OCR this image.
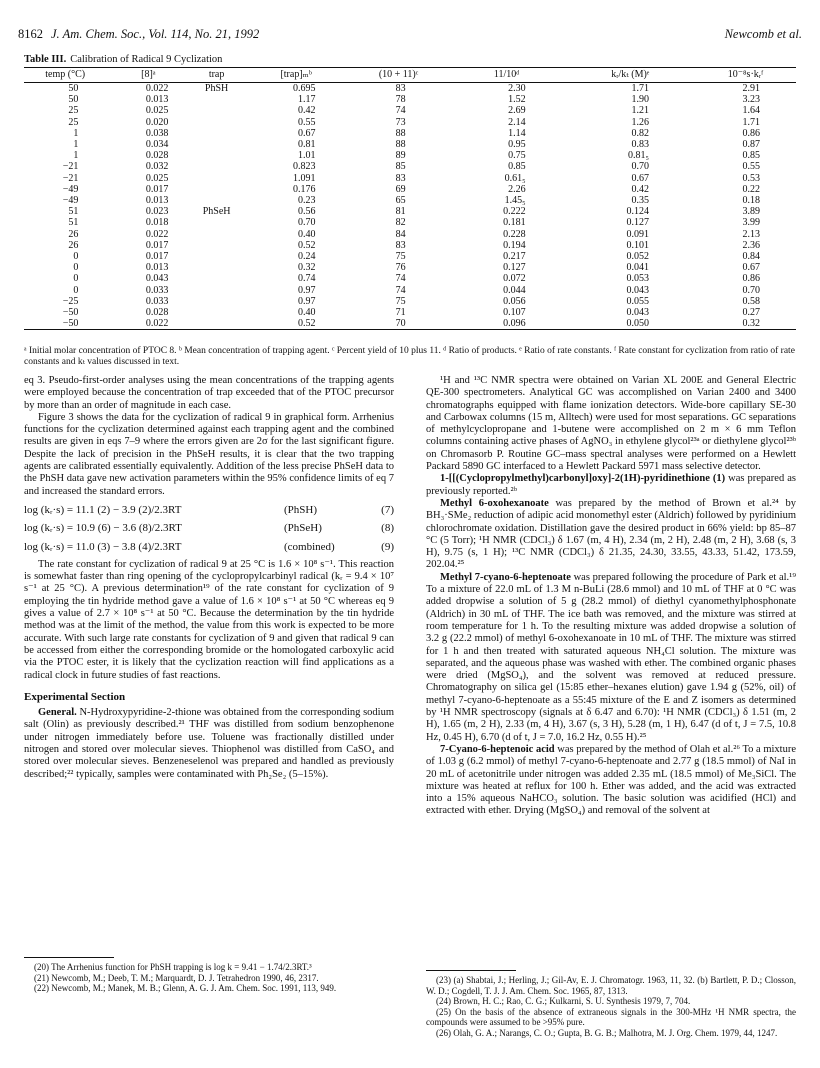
8162 J. Am. Chem. Soc., Vol. 114, No. 21, 1992	Newcomb et al.
Table III. Calibration of Radical 9 Cyclization
temp (°C)	[8]ᵃ	trap	[trap]ₘᵇ	(10 + 11)ᶜ	11/10ᵈ	kᵣ/kₜ (M)ᵉ	10⁻⁸s·kᵣᶠ
50	0.022	PhSH	0.695	83	2.30	1.71	2.91
50	0.013		1.17	78	1.52	1.90	3.23
25	0.025		0.42	74	2.69	1.21	1.64
25	0.020		0.55	73	2.14	1.26	1.71
1	0.038		0.67	88	1.14	0.82	0.86
1	0.034		0.81	88	0.95	0.83	0.87
1	0.028		1.01	89	0.75	0.81₅	0.85
−21	0.032		0.823	85	0.85	0.70	0.55
−21	0.025		1.091	83	0.61₅	0.67	0.53
−49	0.017		0.176	69	2.26	0.42	0.22
−49	0.013		0.23	65	1.45₅	0.35	0.18
51	0.023	PhSeH	0.56	81	0.222	0.124	3.89
51	0.018		0.70	82	0.181	0.127	3.99
26	0.022		0.40	84	0.228	0.091	2.13
26	0.017		0.52	83	0.194	0.101	2.36
0	0.017		0.24	75	0.217	0.052	0.84
0	0.013		0.32	76	0.127	0.041	0.67
0	0.043		0.74	74	0.072	0.053	0.86
0	0.033		0.97	74	0.044	0.043	0.70
−25	0.033		0.97	75	0.056	0.055	0.58
−50	0.028		0.40	71	0.107	0.043	0.27
−50	0.022		0.52	70	0.096	0.050	0.32
ᵃ Initial molar concentration of PTOC 8. ᵇ Mean concentration of trapping agent. ᶜ Percent yield of 10 plus 11. ᵈ Ratio of products. ᵉ Ratio of rate constants. ᶠ Rate constant for cyclization from ratio of rate constants and kₜ values discussed in text.

eq 3. Pseudo-first-order analyses using the mean concentrations of the trapping agents were employed because the concentration of trap exceeded that of the PTOC precursor by more than an order of magnitude in each case.

Figure 3 shows the data for the cyclization of radical 9 in graphical form. Arrhenius functions for the cyclization determined against each trapping agent and the combined results are given in eqs 7–9 where the errors given are 2σ for the last significant figure. Despite the lack of precision in the PhSeH results, it is clear that the two trapping agents are calibrated essentially equivalently. Addition of the less precise PhSeH data to the PhSH data gave new activation parameters within the 95% confidence limits of eq 7 and increased the standard errors.

log (kᵣ·s) = 11.1 (2) − 3.9 (2)/2.3RT	(PhSH)	(7)
log (kᵣ·s) = 10.9 (6) − 3.6 (8)/2.3RT	(PhSeH)	(8)
log (kᵣ·s) = 11.0 (3) − 3.8 (4)/2.3RT	(combined)	(9)

The rate constant for cyclization of radical 9 at 25 °C is 1.6 × 10⁸ s⁻¹. This reaction is somewhat faster than ring opening of the cyclopropylcarbinyl radical (kᵣ = 9.4 × 10⁷ s⁻¹ at 25 °C). A previous determination¹⁹ of the rate constant for cyclization of 9 employing the tin hydride method gave a value of 1.6 × 10⁸ s⁻¹ at 50 °C whereas eq 9 gives a value of 2.7 × 10⁸ s⁻¹ at 50 °C. Because the determination by the tin hydride method was at the limit of the method, the value from this work is expected to be more accurate. With such large rate constants for cyclization of 9 and given that radical 9 can be accessed from either the corresponding bromide or the homologated carboxylic acid via the PTOC ester, it is likely that the cyclization reaction will find applications as a radical clock in future studies of fast reactions.

Experimental Section

General. N-Hydroxypyridine-2-thione was obtained from the corresponding sodium salt (Olin) as previously described.²¹ THF was distilled from sodium benzophenone under nitrogen immediately before use. Toluene was fractionally distilled under nitrogen and stored over molecular sieves. Thiophenol was distilled from CaSO₄ and stored over molecular sieves. Benzeneselenol was prepared and handled as previously described;²² typically, samples were contaminated with Ph₂Se₂ (5–15%).

(20) The Arrhenius function for PhSH trapping is log k = 9.41 − 1.74/2.3RT.³

(21) Newcomb, M.; Deeb, T. M.; Marquardt, D. J. Tetrahedron 1990, 46, 2317.

(22) Newcomb, M.; Manek, M. B.; Glenn, A. G. J. Am. Chem. Soc. 1991, 113, 949.

¹H and ¹³C NMR spectra were obtained on Varian XL 200E and General Electric QE-300 spectrometers. Analytical GC was accomplished on Varian 2400 and 3400 chromatographs equipped with flame ionization detectors. Wide-bore capillary SE-30 and Carbowax columns (15 m, Alltech) were used for most separations. GC separations of methylcyclopropane and 1-butene were accomplished on 2 m × 6 mm Teflon columns containing active phases of AgNO₃ in ethylene glycol²³ᵃ or diethylene glycol²³ᵇ on Chromasorb P. Routine GC–mass spectral analyses were performed on a Hewlett Packard 5890 GC interfaced to a Hewlett Packard 5971 mass selective detector.

1-[[(Cyclopropylmethyl)carbonyl]oxy]-2(1H)-pyridinethione (1) was prepared as previously reported.²ᵇ

Methyl 6-oxohexanoate was prepared by the method of Brown et al.²⁴ by BH₃·SMe₂ reduction of adipic acid monomethyl ester (Aldrich) followed by pyridinium chlorochromate oxidation. Distillation gave the desired product in 66% yield: bp 85–87 °C (5 Torr); ¹H NMR (CDCl₃) δ 1.67 (m, 4 H), 2.34 (m, 2 H), 2.48 (m, 2 H), 3.68 (s, 3 H), 9.75 (s, 1 H); ¹³C NMR (CDCl₃) δ 21.35, 24.30, 33.55, 43.33, 51.42, 173.59, 202.04.²⁵

Methyl 7-cyano-6-heptenoate was prepared following the procedure of Park et al.¹⁹ To a mixture of 22.0 mL of 1.3 M n-BuLi (28.6 mmol) and 10 mL of THF at 0 °C was added dropwise a solution of 5 g (28.2 mmol) of diethyl cyanomethylphosphonate (Aldrich) in 30 mL of THF. The ice bath was removed, and the mixture was stirred at room temperature for 1 h. To the resulting mixture was added dropwise a solution of 3.2 g (22.2 mmol) of methyl 6-oxohexanoate in 10 mL of THF. The mixture was stirred for 1 h and then treated with saturated aqueous NH₄Cl solution. The mixture was separated, and the aqueous phase was washed with ether. The combined organic phases were dried (MgSO₄), and the solvent was removed at reduced pressure. Chromatography on silica gel (15:85 ether–hexanes elution) gave 1.94 g (52%, oil) of methyl 7-cyano-6-heptenoate as a 55:45 mixture of the E and Z isomers as determined by ¹H NMR spectroscopy (signals at δ 6.47 and 6.70): ¹H NMR (CDCl₃) δ 1.51 (m, 2 H), 1.65 (m, 2 H), 2.33 (m, 4 H), 3.67 (s, 3 H), 5.28 (m, 1 H), 6.47 (d of t, J = 7.5, 10.8 Hz, 0.45 H), 6.70 (d of t, J = 7.0, 16.2 Hz, 0.55 H).²⁵

7-Cyano-6-heptenoic acid was prepared by the method of Olah et al.²⁶ To a mixture of 1.03 g (6.2 mmol) of methyl 7-cyano-6-heptenoate and 2.77 g (18.5 mmol) of NaI in 20 mL of acetonitrile under nitrogen was added 2.35 mL (18.5 mmol) of Me₃SiCl. The mixture was heated at reflux for 100 h. Ether was added, and the acid was extracted into a 15% aqueous NaHCO₃ solution. The basic solution was acidified (HCl) and extracted with ether. Drying (MgSO₄) and removal of the solvent at

(23) (a) Shabtai, J.; Herling, J.; Gil-Av, E. J. Chromatogr. 1963, 11, 32. (b) Bartlett, P. D.; Closson, W. D.; Cogdell, T. J. J. Am. Chem. Soc. 1965, 87, 1313.

(24) Brown, H. C.; Rao, C. G.; Kulkarni, S. U. Synthesis 1979, 7, 704.

(25) On the basis of the absence of extraneous signals in the 300-MHz ¹H NMR spectra, the compounds were assumed to be >95% pure.

(26) Olah, G. A.; Narangs, C. O.; Gupta, B. G. B.; Malhotra, M. J. Org. Chem. 1979, 44, 1247.
